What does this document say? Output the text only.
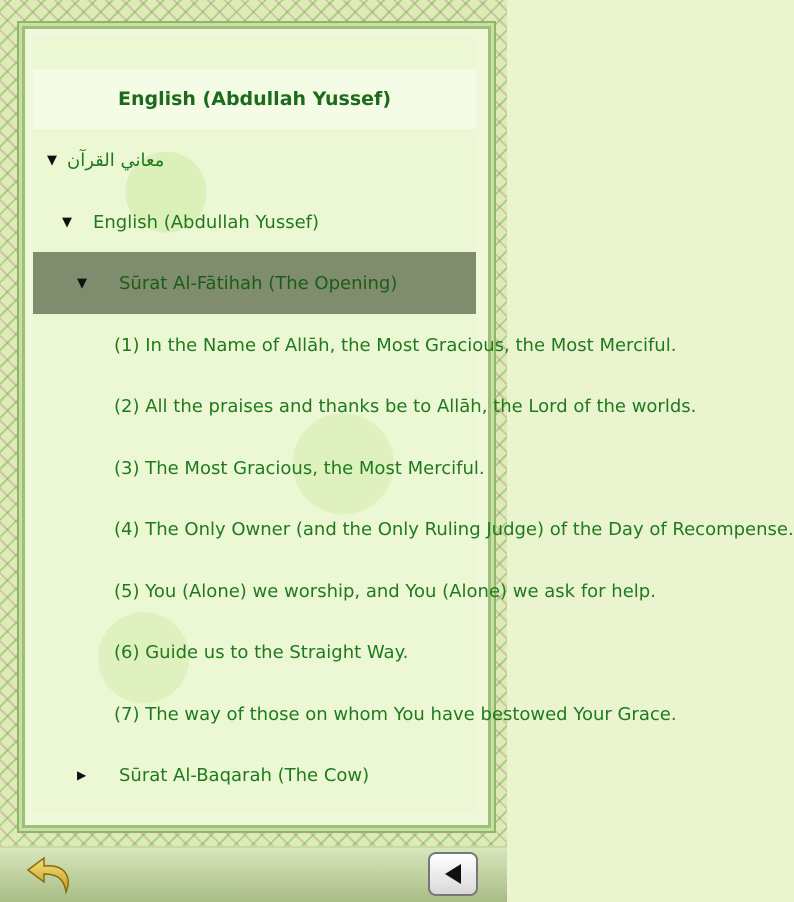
English (Abdullah Yussef)
▼ معاني القرآن
▼	English (Abdullah Yussef)
▼	Sūrat Al-Fātihah (The Opening)
(1) In the Name of Allāh, the Most Gracious, the Most Merciful.
(2) All the praises and thanks be to Allāh, the Lord of the worlds.
(3) The Most Gracious, the Most Merciful.
(4) The Only Owner (and the Only Ruling Judge) of the Day of Recompense.
(5) You (Alone) we worship, and You (Alone) we ask for help.
(6) Guide us to the Straight Way.
(7) The way of those on whom You have bestowed Your Grace.
▶	Sūrat Al-Baqarah (The Cow)
